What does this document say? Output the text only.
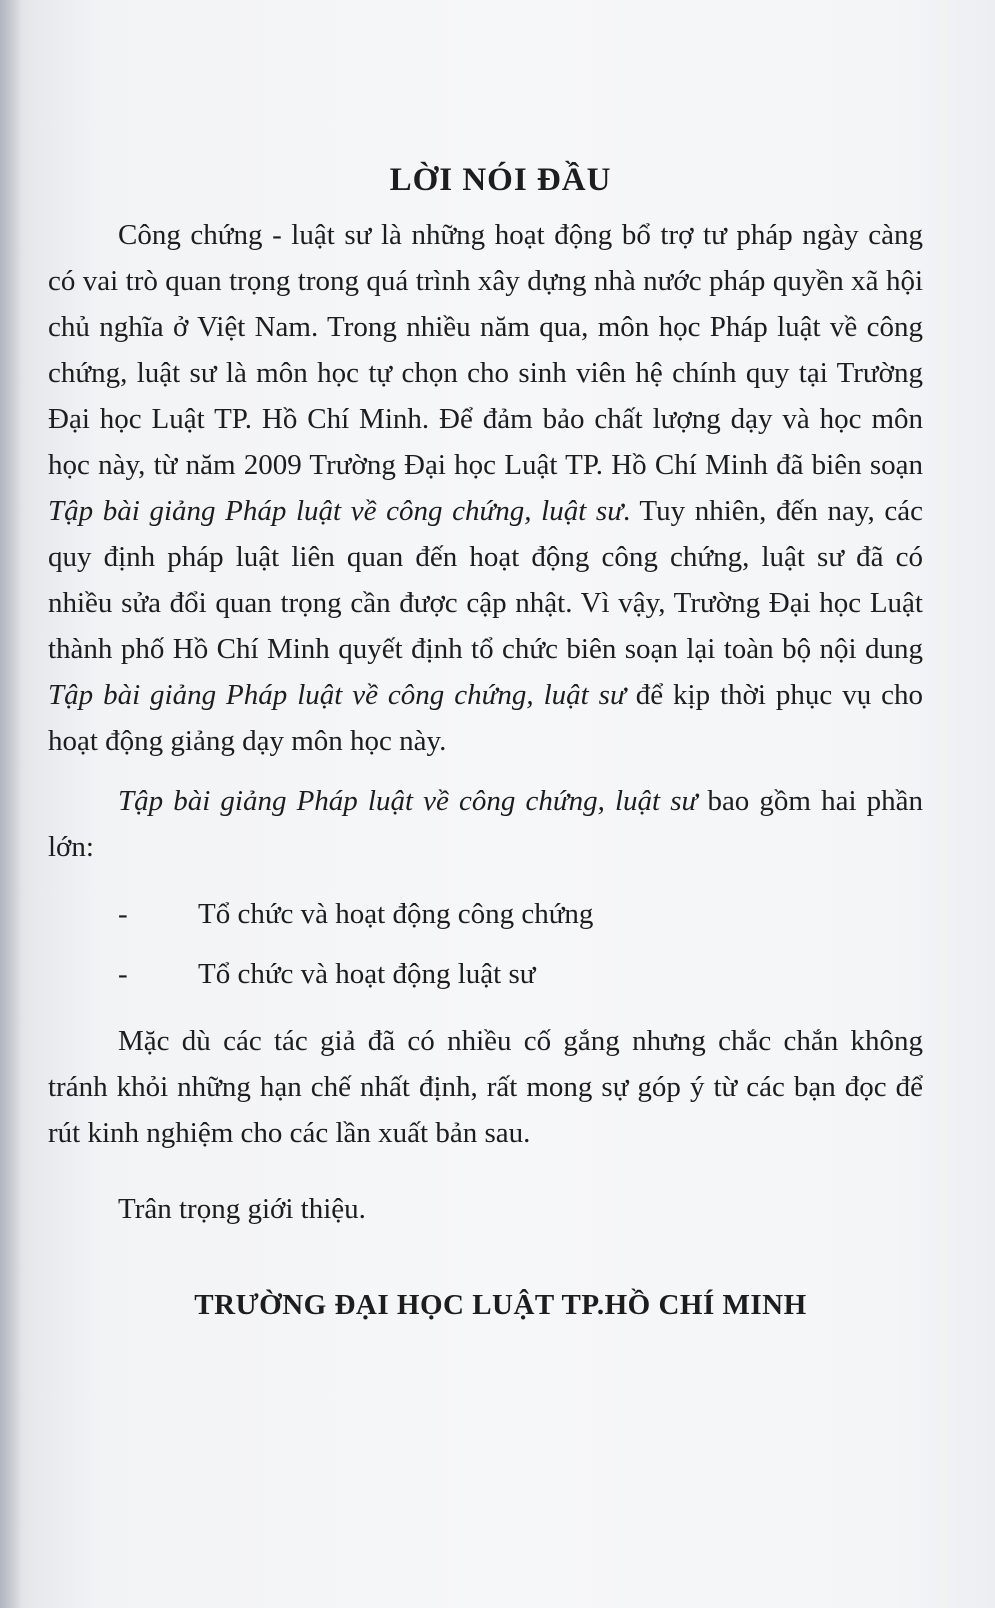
LỜI NÓI ĐẦU

Công chứng - luật sư là những hoạt động bổ trợ tư pháp ngày càng có vai trò quan trọng trong quá trình xây dựng nhà nước pháp quyền xã hội chủ nghĩa ở Việt Nam. Trong nhiều năm qua, môn học Pháp luật về công chứng, luật sư là môn học tự chọn cho sinh viên hệ chính quy tại Trường Đại học Luật TP. Hồ Chí Minh. Để đảm bảo chất lượng dạy và học môn học này, từ năm 2009 Trường Đại học Luật TP. Hồ Chí Minh đã biên soạn Tập bài giảng Pháp luật về công chứng, luật sư. Tuy nhiên, đến nay, các quy định pháp luật liên quan đến hoạt động công chứng, luật sư đã có nhiều sửa đổi quan trọng cần được cập nhật. Vì vậy, Trường Đại học Luật thành phố Hồ Chí Minh quyết định tổ chức biên soạn lại toàn bộ nội dung Tập bài giảng Pháp luật về công chứng, luật sư để kịp thời phục vụ cho hoạt động giảng dạy môn học này.

Tập bài giảng Pháp luật về công chứng, luật sư bao gồm hai phần lớn:

-	Tổ chức và hoạt động công chứng
-	Tổ chức và hoạt động luật sư

Mặc dù các tác giả đã có nhiều cố gắng nhưng chắc chắn không tránh khỏi những hạn chế nhất định, rất mong sự góp ý từ các bạn đọc để rút kinh nghiệm cho các lần xuất bản sau.

Trân trọng giới thiệu.

TRƯỜNG ĐẠI HỌC LUẬT TP.HỒ CHÍ MINH
